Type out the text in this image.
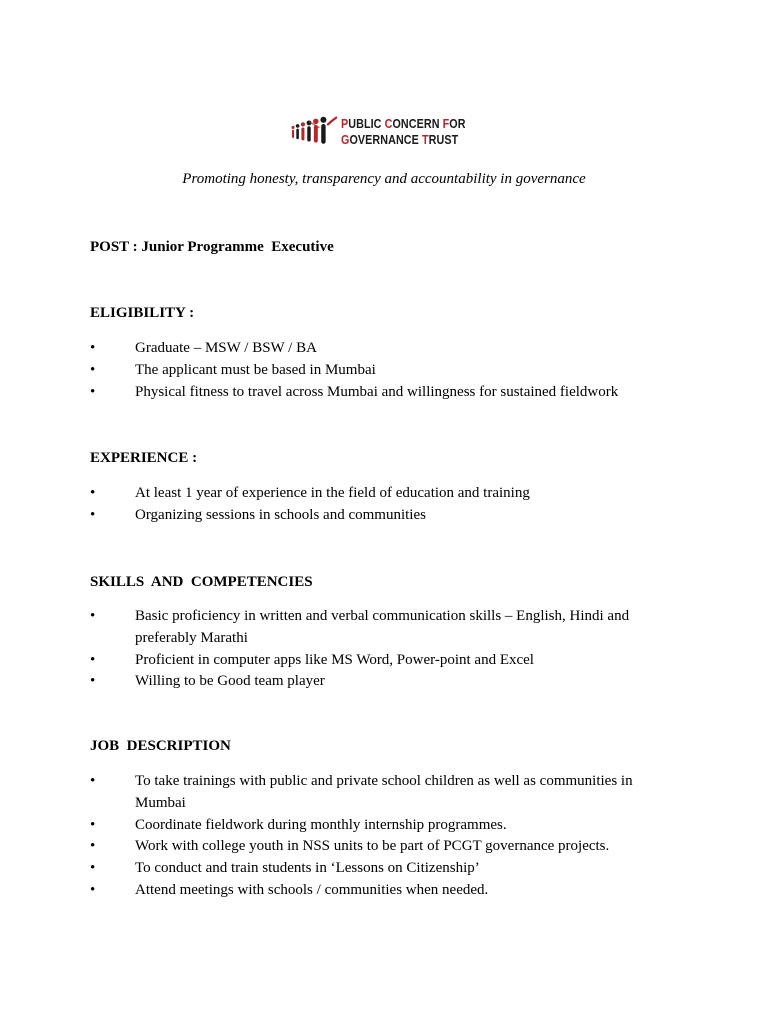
PUBLIC CONCERN FOR
GOVERNANCE TRUST
Promoting honesty, transparency and accountability in governance
POST : Junior Programme  Executive
ELIGIBILITY :
•	Graduate – MSW / BSW / BA
•	The applicant must be based in Mumbai
•	Physical fitness to travel across Mumbai and willingness for sustained fieldwork
EXPERIENCE :
•	At least 1 year of experience in the field of education and training
•	Organizing sessions in schools and communities
SKILLS  AND  COMPETENCIES
•	Basic proficiency in written and verbal communication skills – English, Hindi and preferably Marathi
•	Proficient in computer apps like MS Word, Power-point and Excel
•	Willing to be Good team player
JOB  DESCRIPTION
•	To take trainings with public and private school children as well as communities in Mumbai
•	Coordinate fieldwork during monthly internship programmes.
•	Work with college youth in NSS units to be part of PCGT governance projects.
•	To conduct and train students in ‘Lessons on Citizenship’
•	Attend meetings with schools / communities when needed.
